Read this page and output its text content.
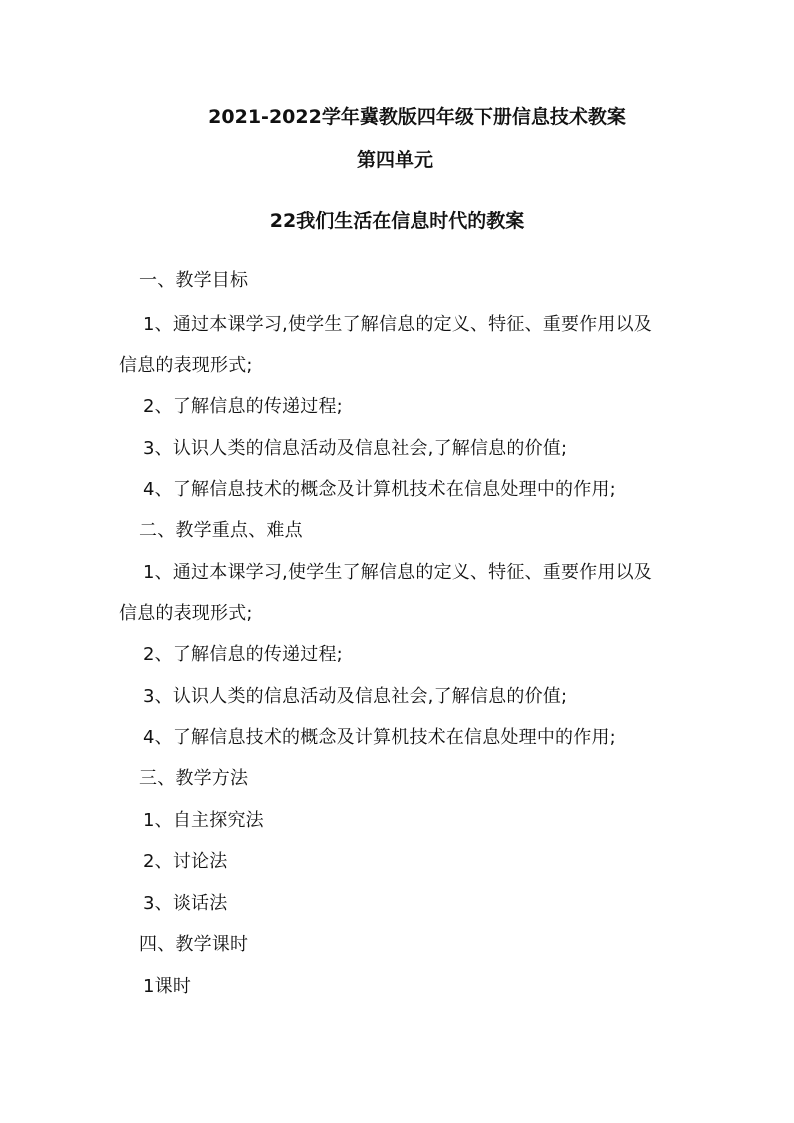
2021-2022学年冀教版四年级下册信息技术教案
第四单元
22我们生活在信息时代的教案
一、教学目标
1、通过本课学习,使学生了解信息的定义、特征、重要作用以及
信息的表现形式;
2、了解信息的传递过程;
3、认识人类的信息活动及信息社会,了解信息的价值;
4、了解信息技术的概念及计算机技术在信息处理中的作用;
二、教学重点、难点
1、通过本课学习,使学生了解信息的定义、特征、重要作用以及
信息的表现形式;
2、了解信息的传递过程;
3、认识人类的信息活动及信息社会,了解信息的价值;
4、了解信息技术的概念及计算机技术在信息处理中的作用;
三、教学方法
1、自主探究法
2、讨论法
3、谈话法
四、教学课时
1课时
